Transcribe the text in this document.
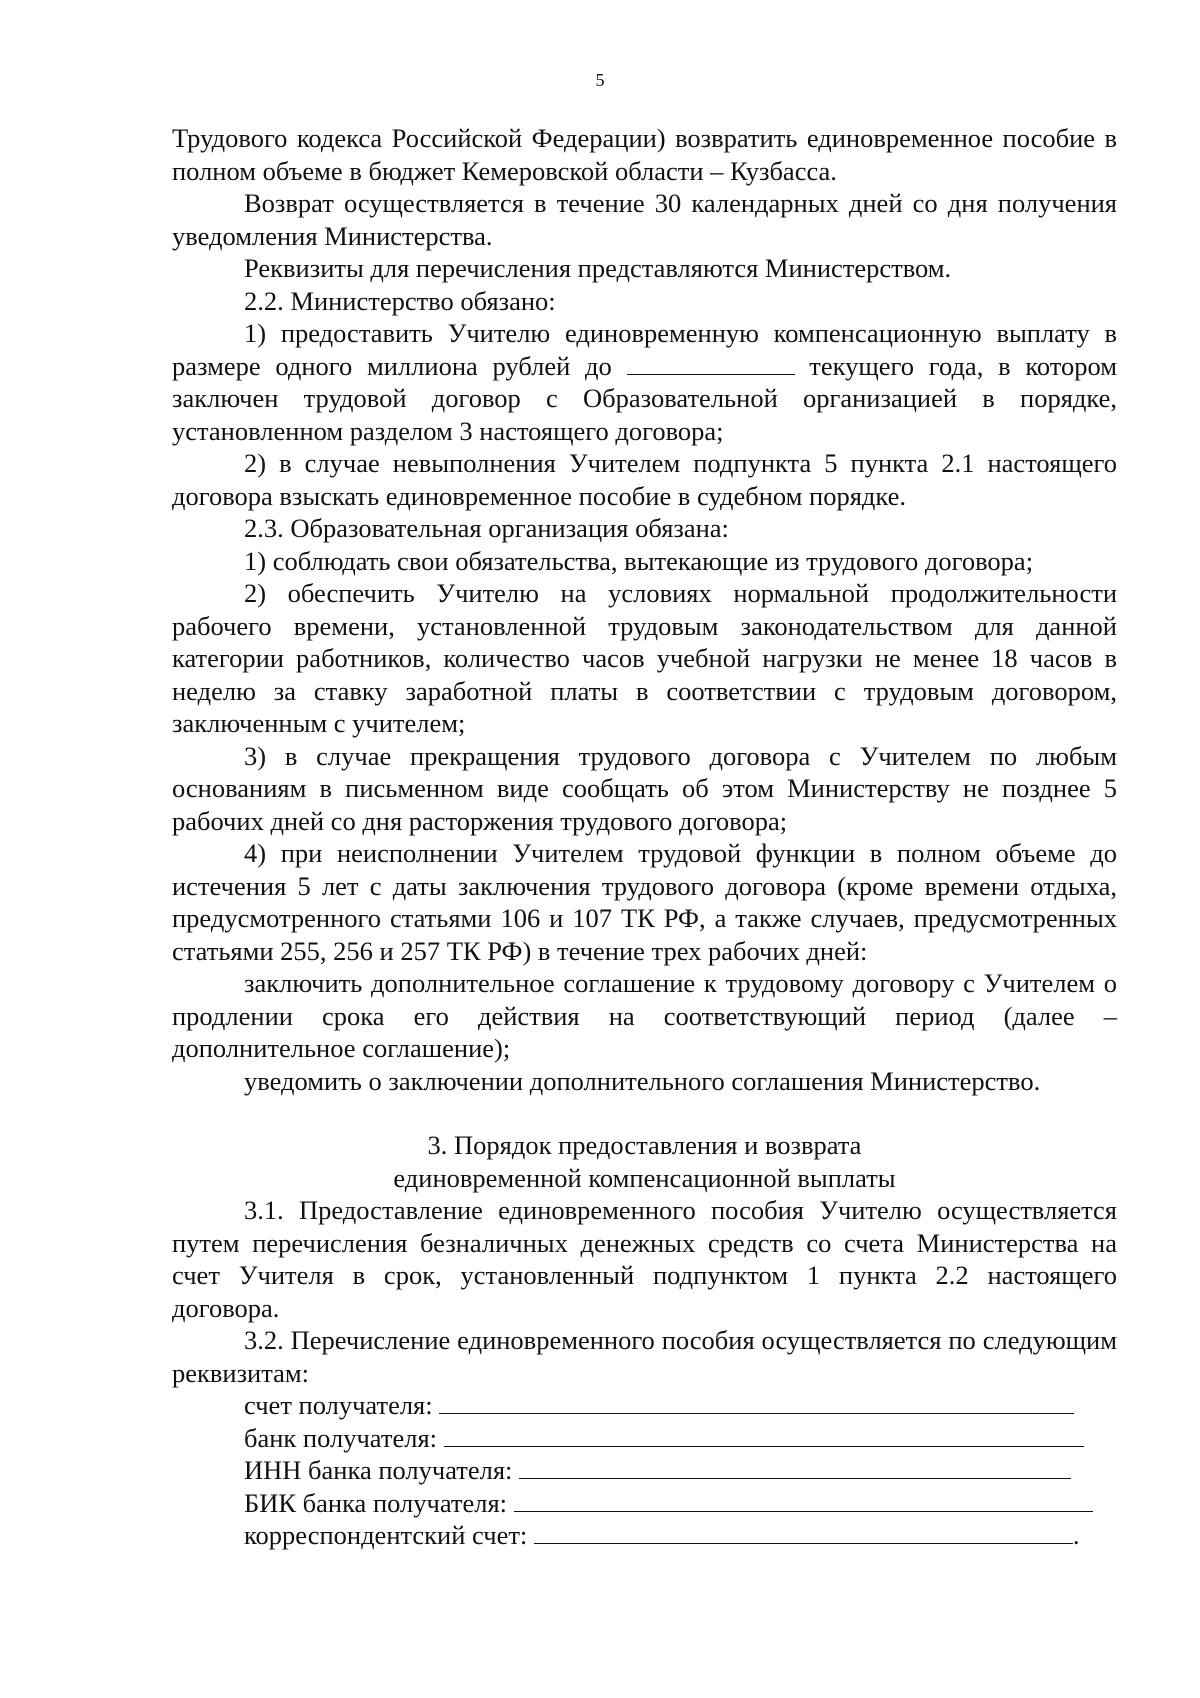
5

Трудового кодекса Российской Федерации) возвратить единовременное пособие в полном объеме в бюджет Кемеровской области – Кузбасса.

Возврат осуществляется в течение 30 календарных дней со дня получения уведомления Министерства.

Реквизиты для перечисления представляются Министерством.

2.2. Министерство обязано:

1) предоставить Учителю единовременную компенсационную выплату в размере одного миллиона рублей до	текущего года, в котором заключен трудовой договор с Образовательной организацией в порядке, установленном разделом 3 настоящего договора;

2) в случае невыполнения Учителем подпункта 5 пункта 2.1 настоящего договора взыскать единовременное пособие в судебном порядке.

2.3. Образовательная организация обязана:

1) соблюдать свои обязательства, вытекающие из трудового договора;

2) обеспечить Учителю на условиях нормальной продолжительности рабочего времени, установленной трудовым законодательством для данной категории работников, количество часов учебной нагрузки не менее 18 часов в неделю за ставку заработной платы в соответствии с трудовым договором, заключенным с учителем;

3) в случае прекращения трудового договора с Учителем по любым основаниям в письменном виде сообщать об этом Министерству не позднее 5 рабочих дней со дня расторжения трудового договора;

4) при неисполнении Учителем трудовой функции в полном объеме до истечения 5 лет с даты заключения трудового договора (кроме времени отдыха, предусмотренного статьями 106 и 107 ТК РФ, а также случаев, предусмотренных статьями 255, 256 и 257 ТК РФ) в течение трех рабочих дней:

заключить дополнительное соглашение к трудовому договору с Учителем о продлении срока его действия на соответствующий период (далее – дополнительное соглашение);

уведомить о заключении дополнительного соглашения Министерство.

3. Порядок предоставления и возврата

единовременной компенсационной выплаты

3.1. Предоставление единовременного пособия Учителю осуществляется путем перечисления безналичных денежных средств со счета Министерства на счет Учителя в срок, установленный подпунктом 1 пункта 2.2 настоящего договора.

3.2. Перечисление единовременного пособия осуществляется по следующим реквизитам:

счет получателя:

банк получателя:

ИНН банка получателя:

БИК банка получателя:

корреспондентский счет:	.
